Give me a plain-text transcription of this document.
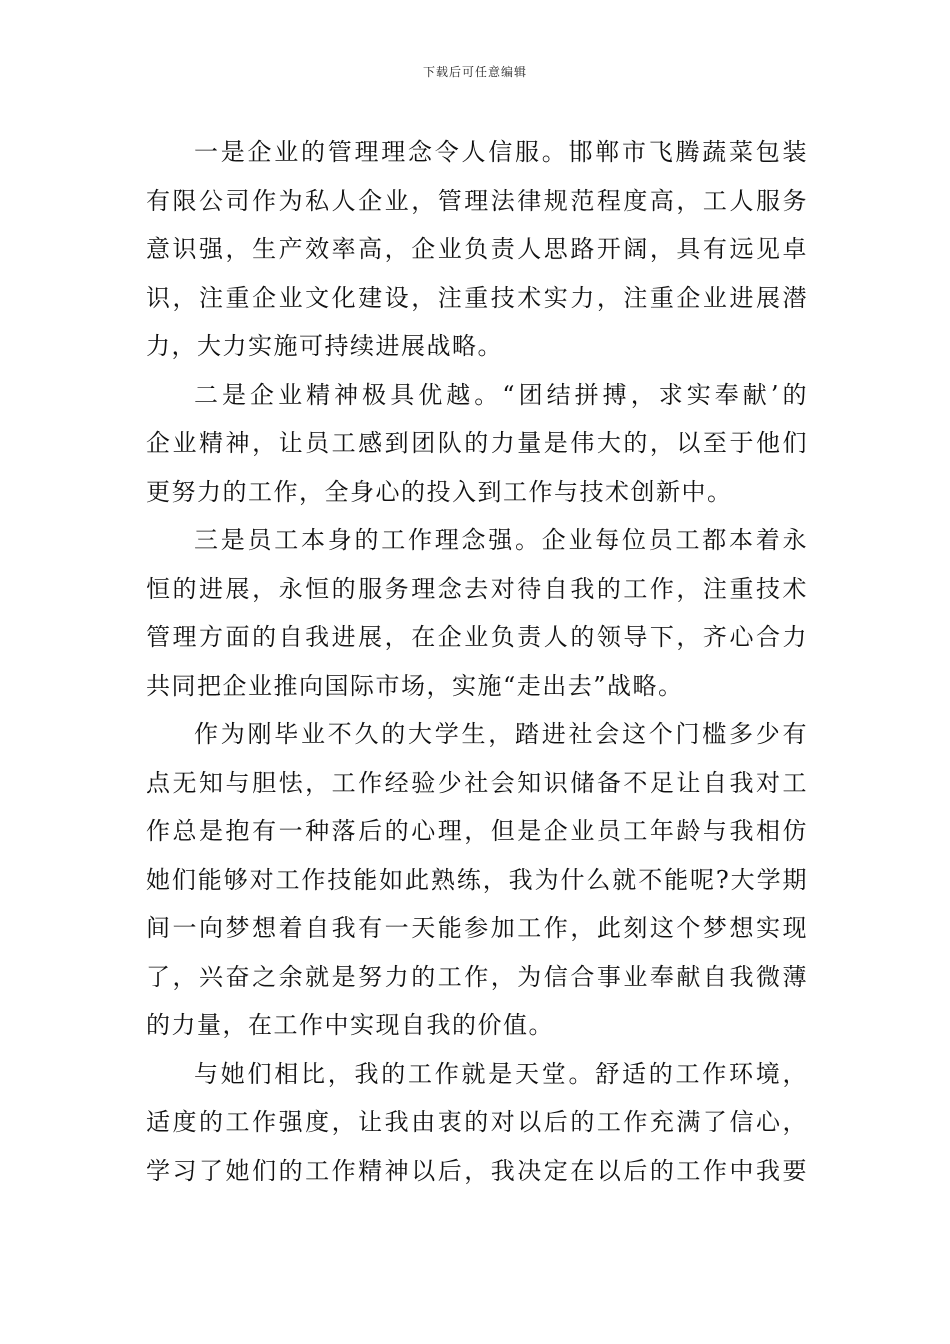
下载后可任意编辑

一是企业的管理理念令人信服。邯郸市飞腾蔬菜包装
有限公司作为私人企业，管理法律规范程度高，工人服务
意识强，生产效率高，企业负责人思路开阔，具有远见卓
识，注重企业文化建设，注重技术实力，注重企业进展潜
力，大力实施可持续进展战略。

二是企业精神极具优越。“团结拼搏，求实奉献’的
企业精神，让员工感到团队的力量是伟大的，以至于他们
更努力的工作，全身心的投入到工作与技术创新中。

三是员工本身的工作理念强。企业每位员工都本着永
恒的进展，永恒的服务理念去对待自我的工作，注重技术
管理方面的自我进展，在企业负责人的领导下，齐心合力
共同把企业推向国际市场，实施“走出去”战略。

作为刚毕业不久的大学生，踏进社会这个门槛多少有
点无知与胆怯，工作经验少社会知识储备不足让自我对工
作总是抱有一种落后的心理，但是企业员工年龄与我相仿
她们能够对工作技能如此熟练，我为什么就不能呢?大学期
间一向梦想着自我有一天能参加工作，此刻这个梦想实现
了，兴奋之余就是努力的工作，为信合事业奉献自我微薄
的力量，在工作中实现自我的价值。

与她们相比，我的工作就是天堂。舒适的工作环境，
适度的工作强度，让我由衷的对以后的工作充满了信心，
学习了她们的工作精神以后，我决定在以后的工作中我要
